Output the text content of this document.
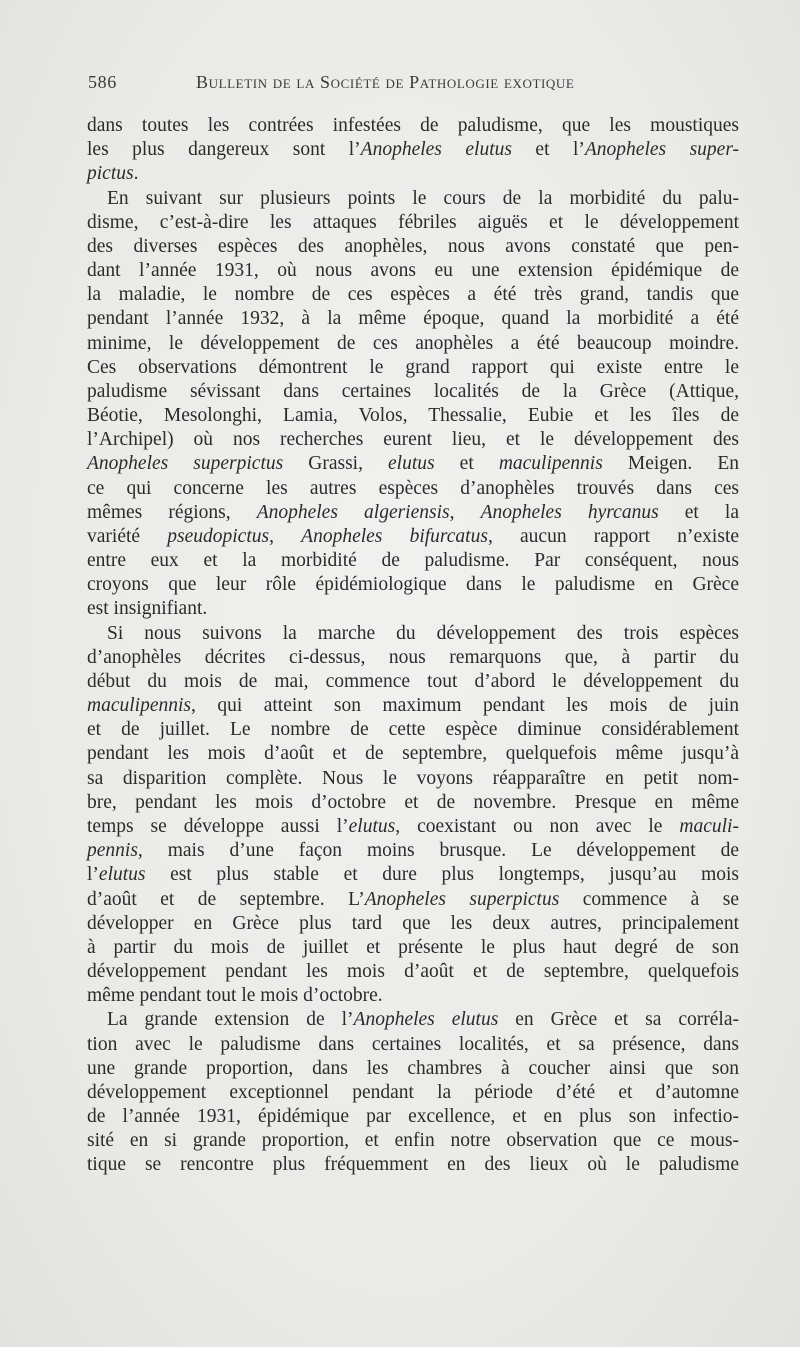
586	Bulletin de la Société de Pathologie exotique
dans toutes les contrées infestées de paludisme, que les moustiques
les plus dangereux sont l’Anopheles elutus et l’Anopheles super-
pictus.
En suivant sur plusieurs points le cours de la morbidité du palu-
disme, c’est-à-dire les attaques fébriles aiguës et le développement
des diverses espèces des anophèles, nous avons constaté que pen-
dant l’année 1931, où nous avons eu une extension épidémique de
la maladie, le nombre de ces espèces a été très grand, tandis que
pendant l’année 1932, à la même époque, quand la morbidité a été
minime, le développement de ces anophèles a été beaucoup moindre.
Ces observations démontrent le grand rapport qui existe entre le
paludisme sévissant dans certaines localités de la Grèce (Attique,
Béotie, Mesolonghi, Lamia, Volos, Thessalie, Eubie et les îles de
l’Archipel) où nos recherches eurent lieu, et le développement des
Anopheles superpictus Grassi, elutus et maculipennis Meigen. En
ce qui concerne les autres espèces d’anophèles trouvés dans ces
mêmes régions, Anopheles algeriensis, Anopheles hyrcanus et la
variété pseudopictus, Anopheles bifurcatus, aucun rapport n’existe
entre eux et la morbidité de paludisme. Par conséquent, nous
croyons que leur rôle épidémiologique dans le paludisme en Grèce
est insignifiant.
Si nous suivons la marche du développement des trois espèces
d’anophèles décrites ci-dessus, nous remarquons que, à partir du
début du mois de mai, commence tout d’abord le développement du
maculipennis, qui atteint son maximum pendant les mois de juin
et de juillet. Le nombre de cette espèce diminue considérablement
pendant les mois d’août et de septembre, quelquefois même jusqu’à
sa disparition complète. Nous le voyons réapparaître en petit nom-
bre, pendant les mois d’octobre et de novembre. Presque en même
temps se développe aussi l’elutus, coexistant ou non avec le maculi-
pennis, mais d’une façon moins brusque. Le développement de
l’elutus est plus stable et dure plus longtemps, jusqu’au mois
d’août et de septembre. L’Anopheles superpictus commence à se
développer en Grèce plus tard que les deux autres, principalement
à partir du mois de juillet et présente le plus haut degré de son
développement pendant les mois d’août et de septembre, quelquefois
même pendant tout le mois d’octobre.
La grande extension de l’Anopheles elutus en Grèce et sa corréla-
tion avec le paludisme dans certaines localités, et sa présence, dans
une grande proportion, dans les chambres à coucher ainsi que son
développement exceptionnel pendant la période d’été et d’automne
de l’année 1931, épidémique par excellence, et en plus son infectio-
sité en si grande proportion, et enfin notre observation que ce mous-
tique se rencontre plus fréquemment en des lieux où le paludisme
